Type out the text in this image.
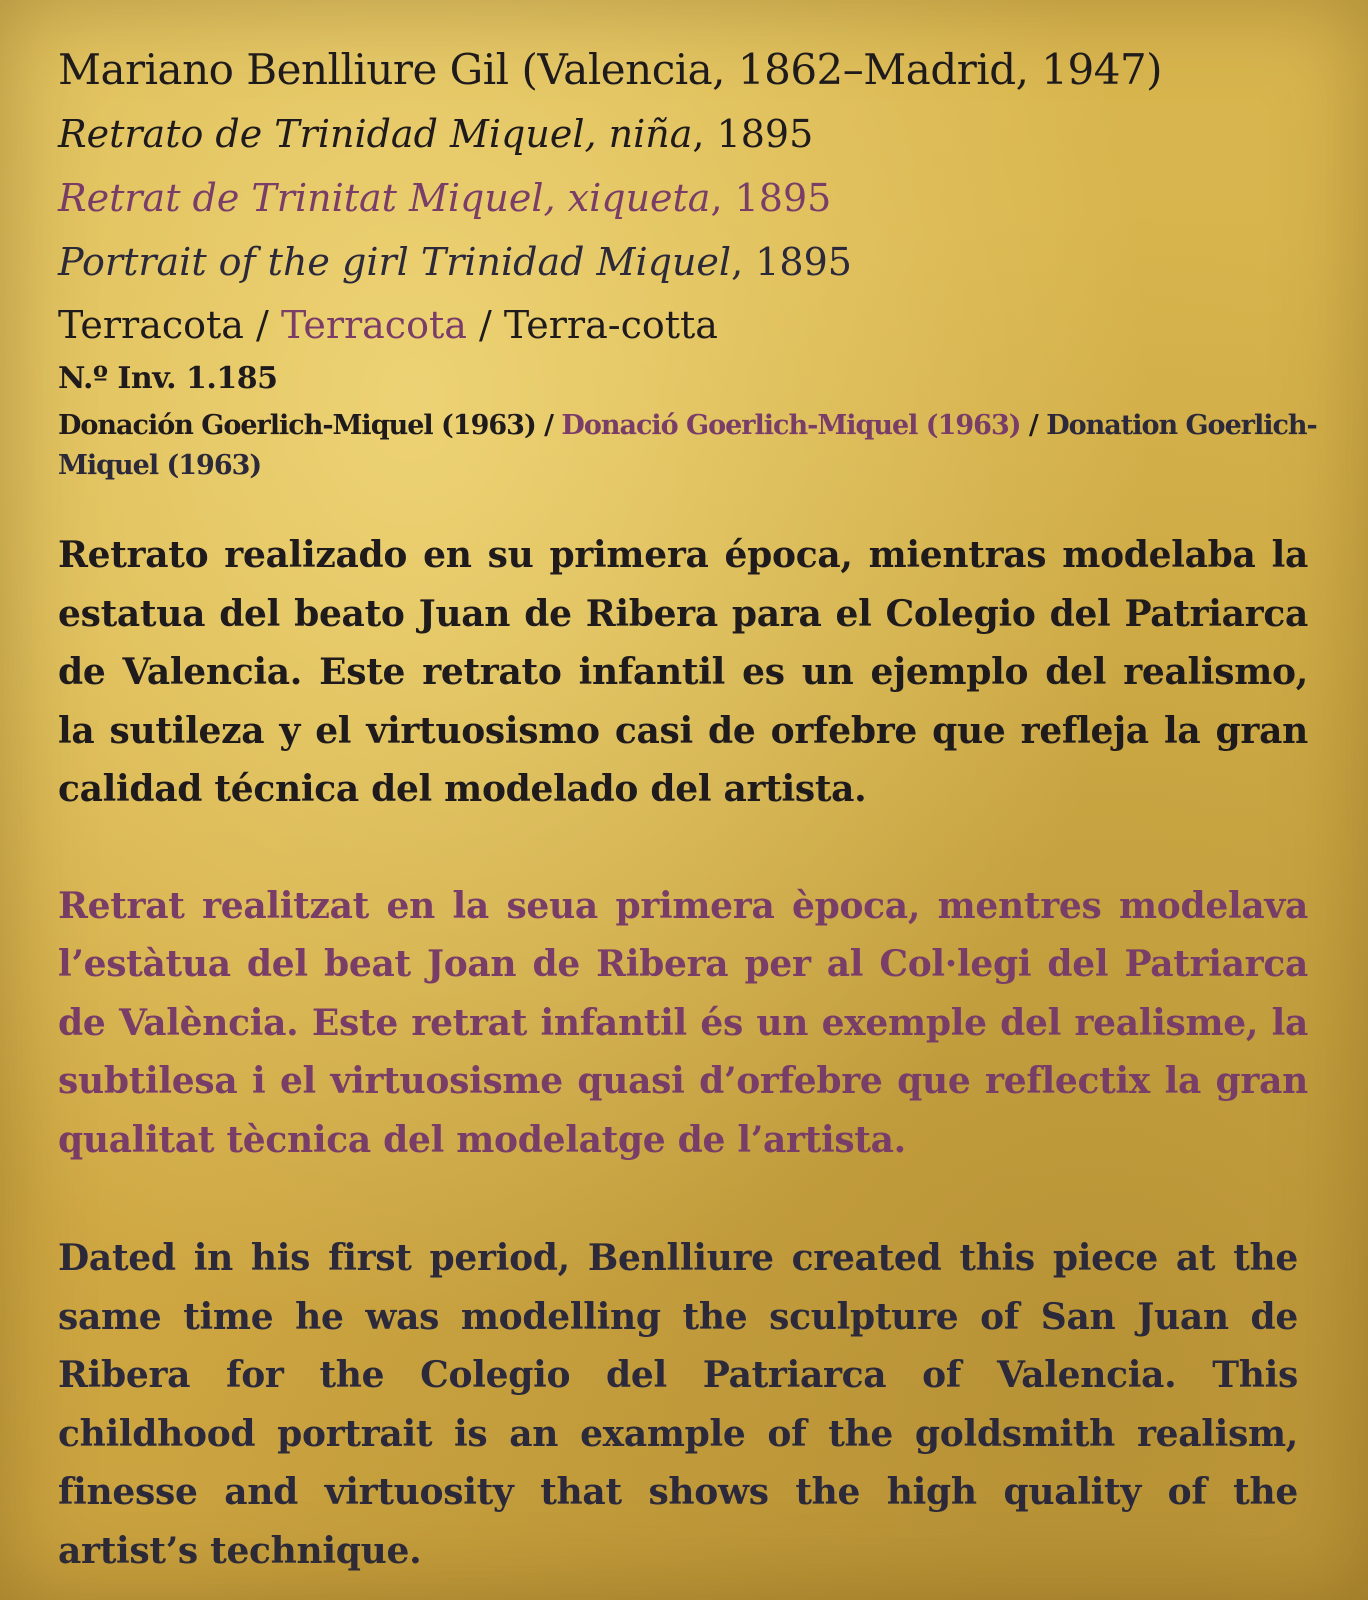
Mariano Benlliure Gil (Valencia, 1862–Madrid, 1947)

Retrato de Trinidad Miquel, niña, 1895

Retrat de Trinitat Miquel, xiqueta, 1895

Portrait of the girl Trinidad Miquel, 1895

Terracota / Terracota / Terra-cotta

N.º Inv. 1.185

Donación Goerlich-Miquel (1963) / Donació Goerlich-Miquel (1963) / Donation Goerlich-Miquel (1963)

Retrato realizado en su primera época, mientras modelaba la estatua del beato Juan de Ribera para el Colegio del Patriarca de Valencia. Este retrato infantil es un ejemplo del realismo, la sutileza y el virtuosismo casi de orfebre que refleja la gran calidad técnica del modelado del artista.

Retrat realitzat en la seua primera època, mentres modelava l’estàtua del beat Joan de Ribera per al Col·legi del Patriarca de València. Este retrat infantil és un exemple del realisme, la subtilesa i el virtuosisme quasi d’orfebre que reflectix la gran qualitat tècnica del modelatge de l’artista.

Dated in his first period, Benlliure created this piece at the same time he was modelling the sculpture of San Juan de Ribera for the Colegio del Patriarca of Valencia. This childhood portrait is an example of the goldsmith realism, finesse and virtuosity that shows the high quality of the artist’s technique.
